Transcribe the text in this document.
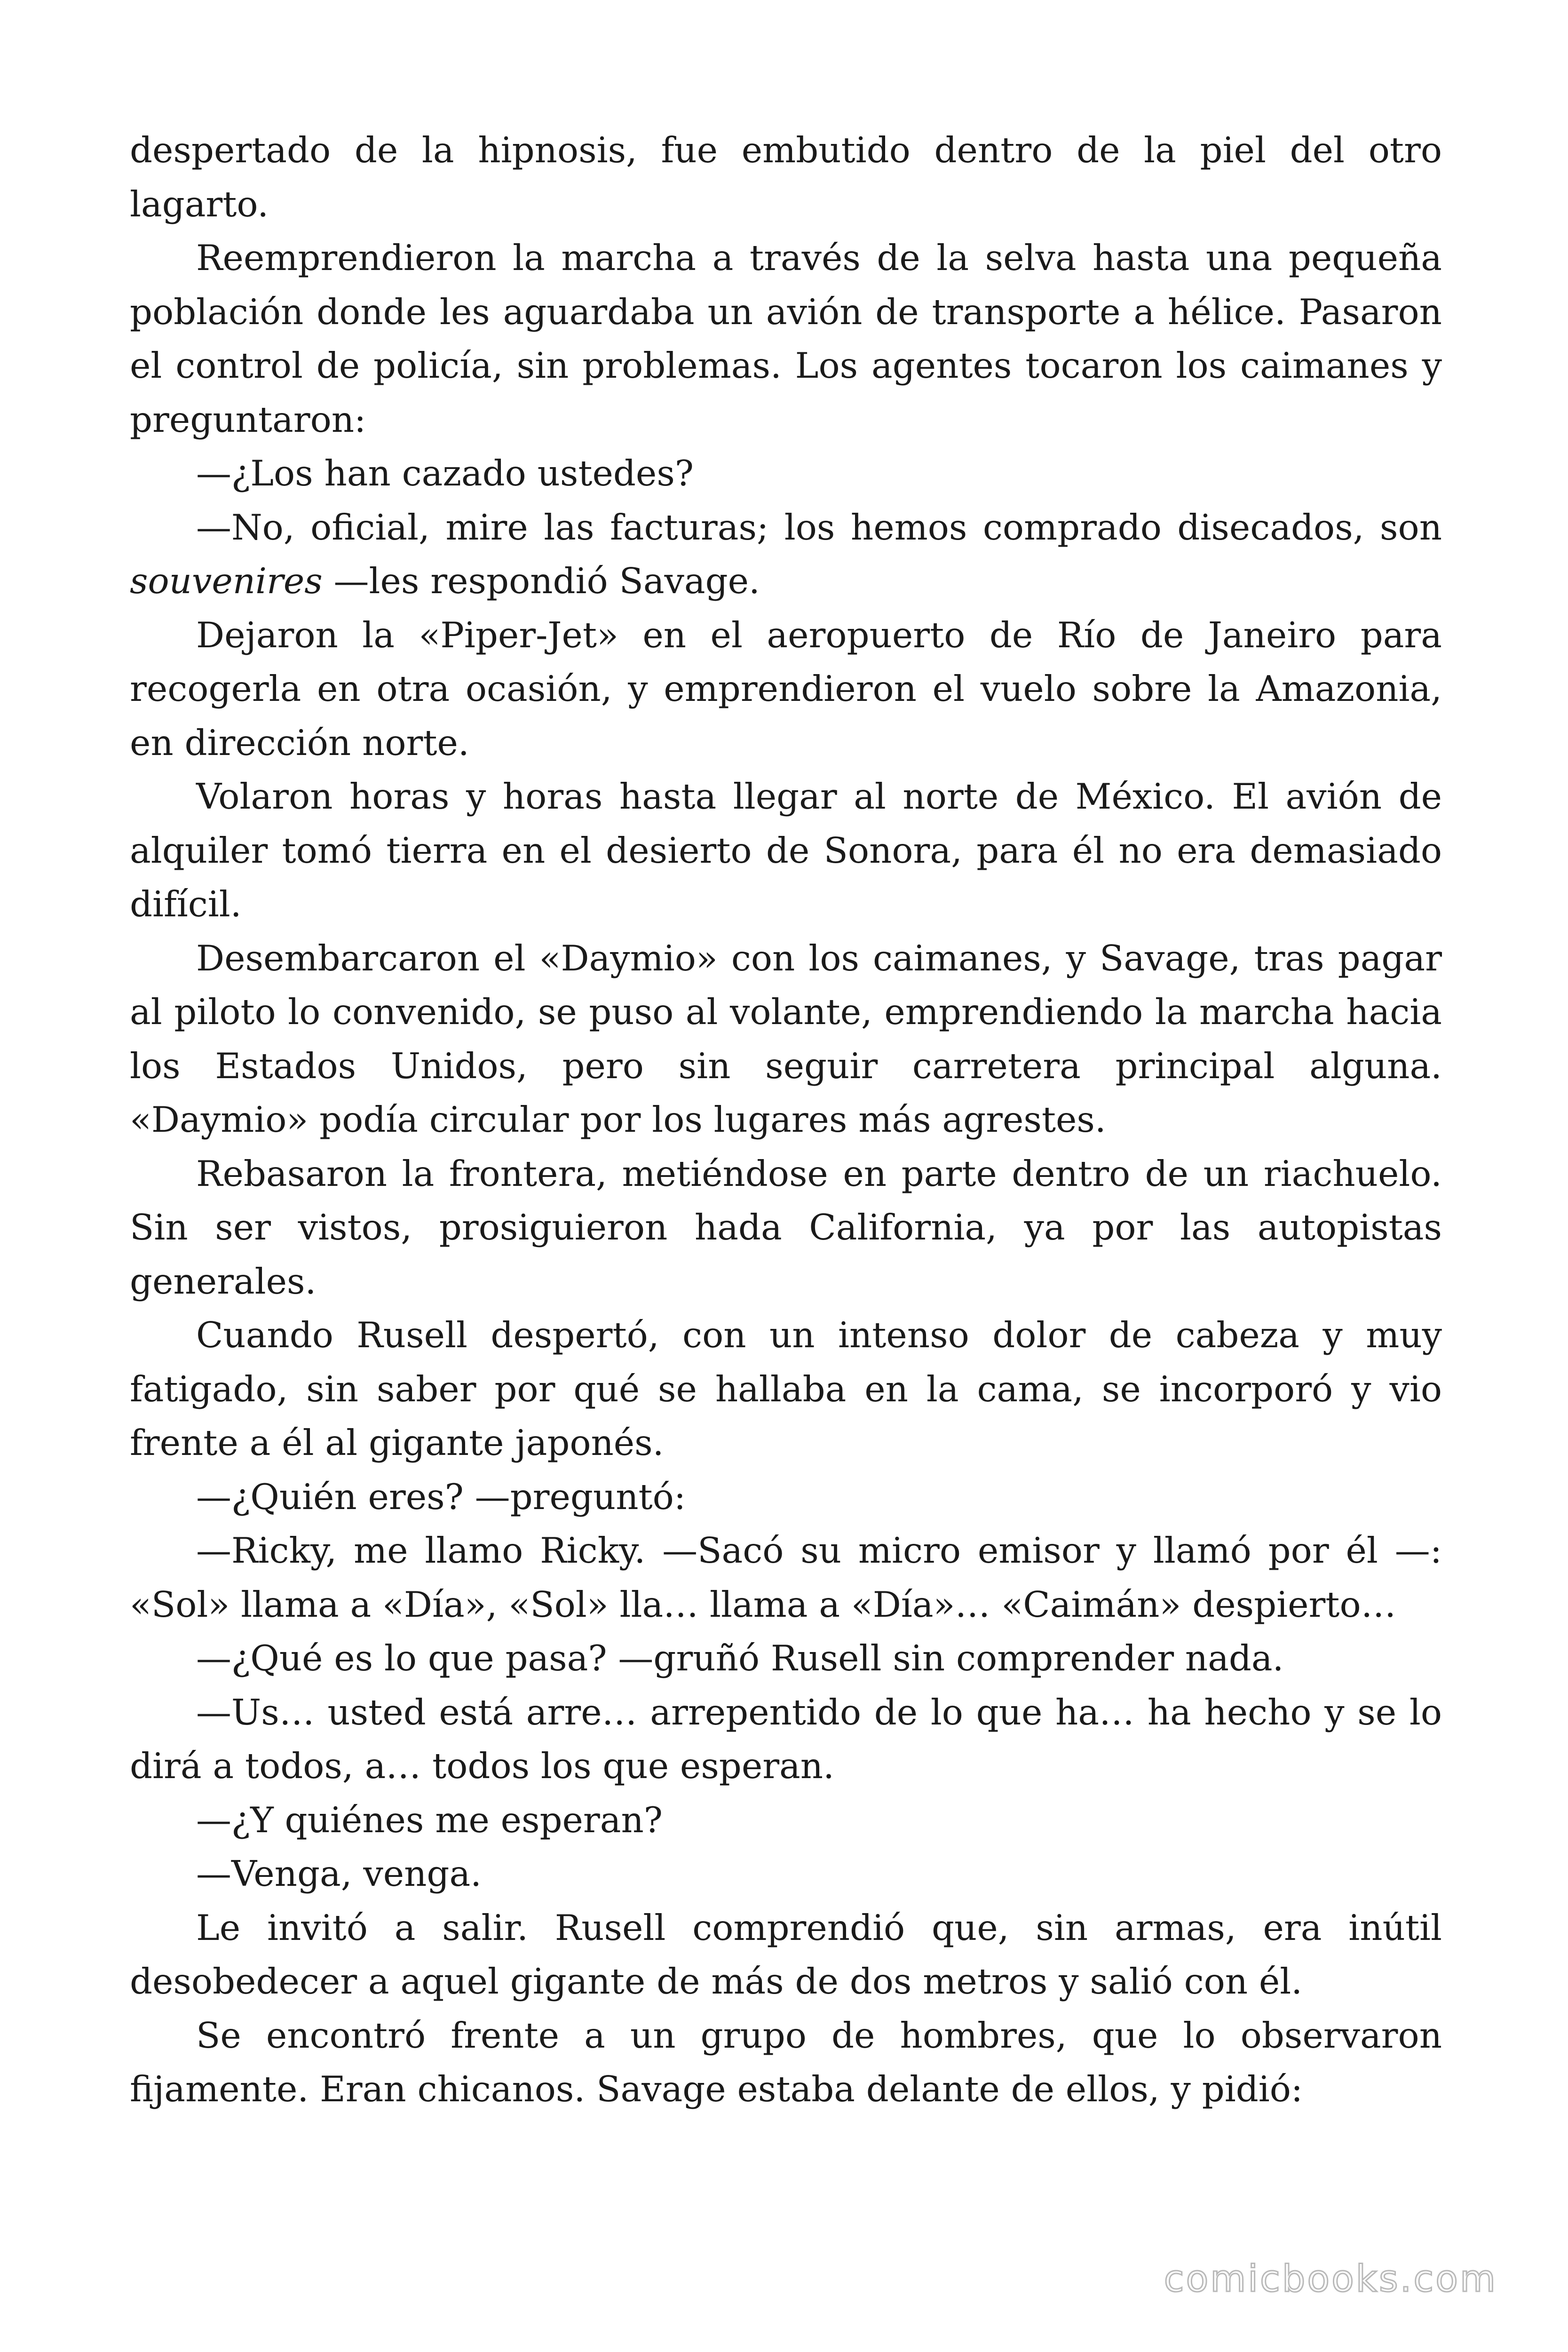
despertado de la hipnosis, fue embutido dentro de la piel del otro lagarto.

Reemprendieron la marcha a través de la selva hasta una pequeña población donde les aguardaba un avión de transporte a hélice. Pasaron el control de policía, sin problemas. Los agentes tocaron los caimanes y preguntaron:

—¿Los han cazado ustedes?

—No, oficial, mire las facturas; los hemos comprado disecados, son souvenires —les respondió Savage.

Dejaron la «Piper-Jet» en el aeropuerto de Río de Janeiro para recogerla en otra ocasión, y emprendieron el vuelo sobre la Amazonia, en dirección norte.

Volaron horas y horas hasta llegar al norte de México. El avión de alquiler tomó tierra en el desierto de Sonora, para él no era demasiado difícil.

Desembarcaron el «Daymio» con los caimanes, y Savage, tras pagar al piloto lo convenido, se puso al volante, emprendiendo la marcha hacia los Estados Unidos, pero sin seguir carretera principal alguna. «Daymio» podía circular por los lugares más agrestes.

Rebasaron la frontera, metiéndose en parte dentro de un riachuelo. Sin ser vistos, prosiguieron hada California, ya por las autopistas generales.

Cuando Rusell despertó, con un intenso dolor de cabeza y muy fatigado, sin saber por qué se hallaba en la cama, se incorporó y vio frente a él al gigante japonés.

—¿Quién eres? —preguntó:

—Ricky, me llamo Ricky. —Sacó su micro emisor y llamó por él —: «Sol» llama a «Día», «Sol» lla… llama a «Día»… «Caimán» despierto…

—¿Qué es lo que pasa? —gruñó Rusell sin comprender nada.

—Us… usted está arre… arrepentido de lo que ha… ha hecho y se lo dirá a todos, a… todos los que esperan.

—¿Y quiénes me esperan?

—Venga, venga.

Le invitó a salir. Rusell comprendió que, sin armas, era inútil desobedecer a aquel gigante de más de dos metros y salió con él.

Se encontró frente a un grupo de hombres, que lo observaron fijamente. Eran chicanos. Savage estaba delante de ellos, y pidió:

comicbooks.com
